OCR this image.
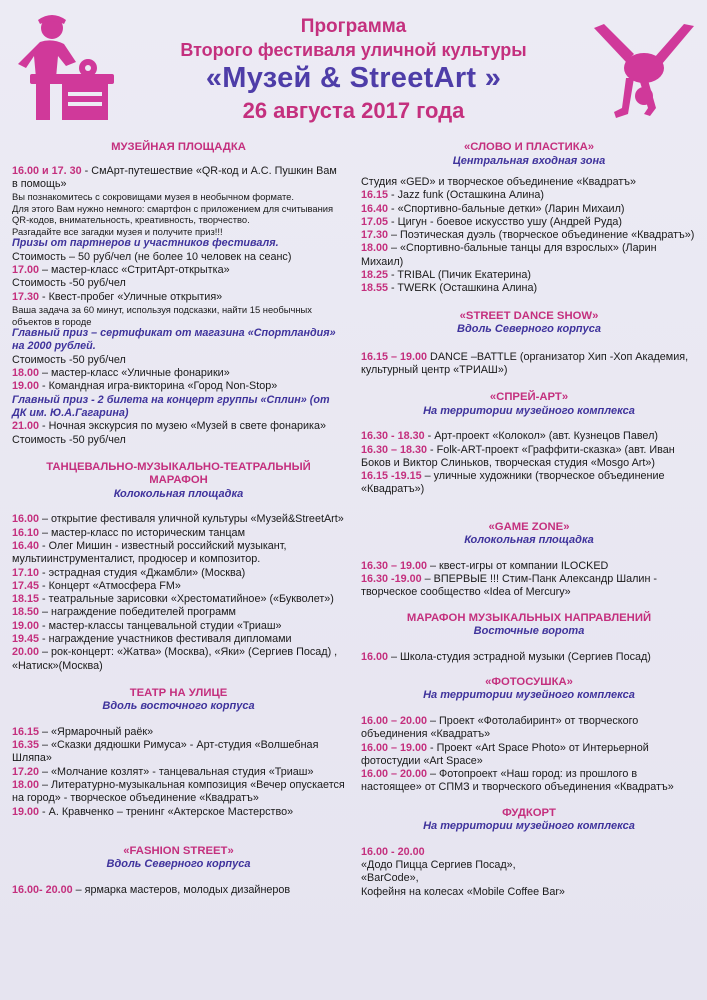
Программа
Второго фестиваля уличной культуры
«Музей & StreetArt »
26 августа 2017 года
МУЗЕЙНАЯ ПЛОЩАДКА
16.00 и 17. 30 - СмАрт-путешествие «QR-код и А.С. Пушкин Вам в помощь»
Вы познакомитесь с сокровищами музея в необычном формате.
Для этого Вам нужно немного: смартфон с приложением для считывания QR-кодов, внимательность, креативность, творчество.
Разгадайте все загадки музея и получите приз!!!
Призы от партнеров и участников фестиваля.
Стоимость – 50 руб/чел (не более 10 человек на сеанс)
17.00 – мастер-класс «СтритАрт-открытка»
Стоимость -50 руб/чел
17.30 - Квест-пробег «Уличные открытия»
Ваша задача за 60 минут, используя подсказки, найти 15 необычных объектов в городе
Главный приз – сертификат от магазина «Спортландия» на 2000 рублей.
Стоимость -50 руб/чел
18.00 – мастер-класс «Уличные фонарики»
19.00 - Командная игра-викторина «Город Non-Stop»
Главный приз - 2 билета на концерт группы «Сплин» (от ДК им. Ю.А.Гагарина)
21.00 - Ночная экскурсия по музею «Музей в свете фонарика»
Стоимость -50 руб/чел
ТАНЦЕВАЛЬНО-МУЗЫКАЛЬНО-ТЕАТРАЛЬНЫЙ
МАРАФОН
Колокольная площадка
16.00 – открытие фестиваля уличной культуры «Музей&StreetArt»
16.10 – мастер-класс по историческим танцам
16.40 - Олег Мишин - известный российский музыкант, мультиинструменталист, продюсер и композитор.
17.10 - эстрадная студия «Джамбли» (Москва)
17.45 - Концерт «Атмосфера FM»
18.15 - театральные зарисовки «Хрестоматийное» («Букволет»)
18.50 – награждение победителей программ
19.00 - мастер-классы танцевальной студии «Триаш»
19.45 - награждение участников фестиваля дипломами
20.00 – рок-концерт: «Жатва» (Москва), «Яки» (Сергиев Посад) , «Натиск»(Москва)
ТЕАТР НА УЛИЦЕ
Вдоль восточного корпуса
16.15 – «Ярмарочный раёк»
16.35 – «Сказки дядюшки Римуса» - Арт-студия «Волшебная Шляпа»
17.20 – «Молчание козлят» - танцевальная студия «Триаш»
18.00 – Литературно-музыкальная композиция «Вечер опускается на город» - творческое объединение «Квадратъ»
19.00 - А. Кравченко – тренинг «Актерское Мастерство»
«FASHION STREET»
Вдоль Северного корпуса
16.00- 20.00 – ярмарка мастеров, молодых дизайнеров
«СЛОВО И ПЛАСТИКА»
Центральная входная зона
Студия «GED» и творческое объединение «Квадратъ»
16.15 - Jazz funk (Осташкина Алина)
16.40 - «Спортивно-бальные детки» (Ларин Михаил)
17.05 - Цигун - боевое искусство ушу (Андрей Руда)
17.30 – Поэтическая дуэль (творческое объединение «Квадратъ»)
18.00 – «Спортивно-бальные танцы для взрослых» (Ларин Михаил)
18.25 - TRIBAL (Пичик Екатерина)
18.55 - TWERK (Осташкина Алина)
«STREET DANCE SHOW»
Вдоль Северного корпуса
16.15 – 19.00 DANCE –BATTLE (организатор Хип -Хоп Академия, культурный центр «ТРИАШ»)
«СПРЕЙ-АРТ»
На территории музейного комплекса
16.30 - 18.30 - Арт-проект «Колокол» (авт. Кузнецов Павел)
16.30 – 18.30 - Folk-ART-проект «Граффити-сказка» (авт. Иван Боков и Виктор Слиньков, творческая студия «Mosgo Art»)
16.15 -19.15 – уличные художники (творческое объединение «Квадратъ»)
«GAME ZONE»
Колокольная площадка
16.30 – 19.00 – квест-игры от компании ILOCKED
16.30 -19.00 – ВПЕРВЫЕ !!! Стим-Панк Александр Шалин - творческое сообщество «Idea of Mercury»
МАРАФОН МУЗЫКАЛЬНЫХ НАПРАВЛЕНИЙ
Восточные ворота
16.00 – Школа-студия эстрадной музыки (Сергиев Посад)
«ФОТОСУШКА»
На территории музейного комплекса
16.00 – 20.00 – Проект «Фотолабиринт» от творческого объединения «Квадратъ»
16.00 – 19.00 - Проект «Art Space Photo» от Интерьерной фотостудии «Art Space»
16.00 – 20.00 – Фотопроект «Наш город: из прошлого в настоящее» от СПМЗ и творческого объединения «Квадратъ»
ФУДКОРТ
На территории музейного комплекса
16.00 - 20.00
«Додо Пицца Сергиев Посад»,
«BarCode»,
Кофейня на колесах «Mobile Coffee Bar»
